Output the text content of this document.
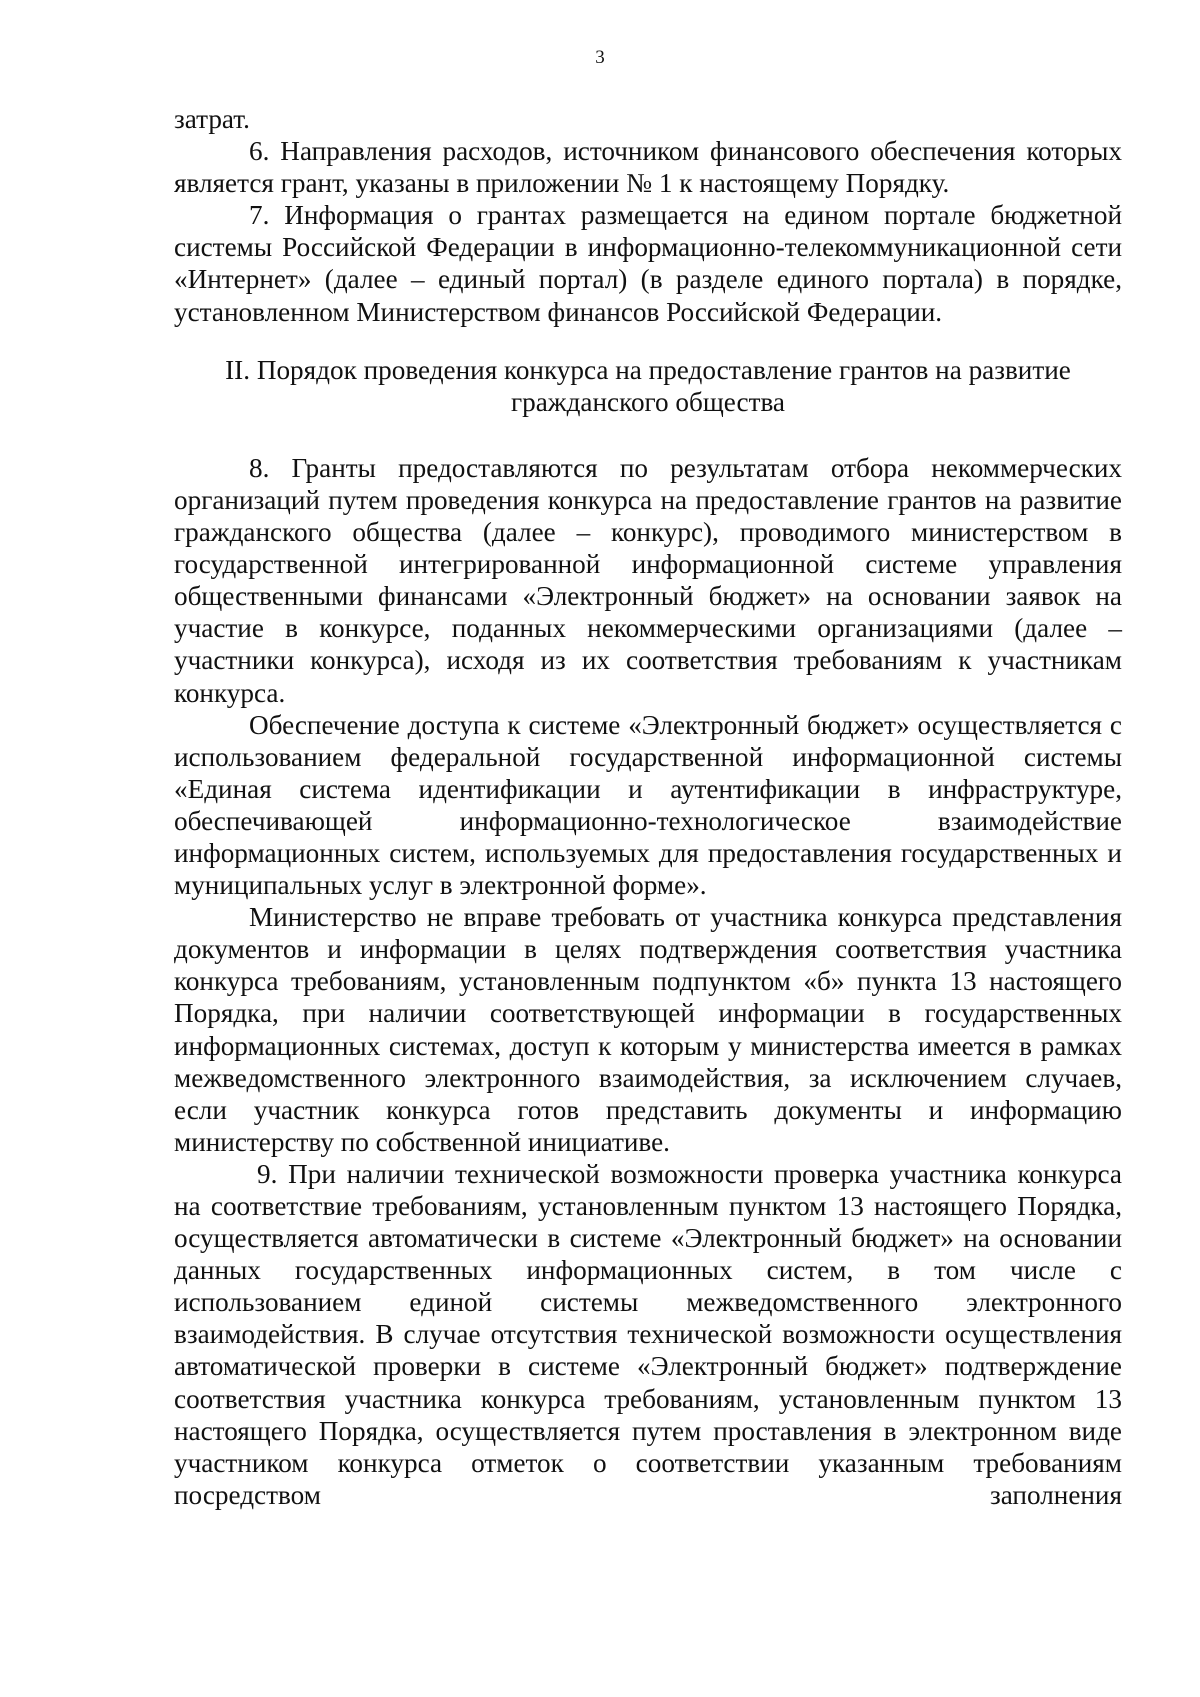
3

затрат.

6. Направления расходов, источником финансового обеспечения которых является грант, указаны в приложении № 1 к настоящему Порядку.

7. Информация о грантах размещается на едином портале бюджетной системы Российской Федерации в информационно-телекоммуникационной сети «Интернет» (далее – единый портал) (в разделе единого портала) в порядке, установленном Министерством финансов Российской Федерации.

II. Порядок проведения конкурса на предоставление грантов на развитие
гражданского общества

8. Гранты предоставляются по результатам отбора некоммерческих организаций путем проведения конкурса на предоставление грантов на развитие гражданского общества (далее – конкурс), проводимого министерством в государственной интегрированной информационной системе управления общественными финансами «Электронный бюджет» на основании заявок на участие в конкурсе, поданных некоммерческими организациями (далее – участники конкурса), исходя из их соответствия требованиям к участникам конкурса.

Обеспечение доступа к системе «Электронный бюджет» осуществляется с использованием федеральной государственной информационной системы «Единая система идентификации и аутентификации в инфраструктуре, обеспечивающей информационно-технологическое взаимодействие информационных систем, используемых для предоставления государственных и муниципальных услуг в электронной форме».

Министерство не вправе требовать от участника конкурса представления документов и информации в целях подтверждения соответствия участника конкурса требованиям, установленным подпунктом «б» пункта 13 настоящего Порядка, при наличии соответствующей информации в государственных информационных системах, доступ к которым у министерства имеется в рамках межведомственного электронного взаимодействия, за исключением случаев, если участник конкурса готов представить документы и информацию министерству по собственной инициативе.

9. При наличии технической возможности проверка участника конкурса на соответствие требованиям, установленным пунктом 13 настоящего Порядка, осуществляется автоматически в системе «Электронный бюджет» на основании данных государственных информационных систем, в том числе с использованием единой системы межведомственного электронного взаимодействия. В случае отсутствия технической возможности осуществления автоматической проверки в системе «Электронный бюджет» подтверждение соответствия участника конкурса требованиям, установленным пунктом 13 настоящего Порядка, осуществляется путем проставления в электронном виде участником конкурса отметок о соответствии указанным требованиям посредством заполнения
